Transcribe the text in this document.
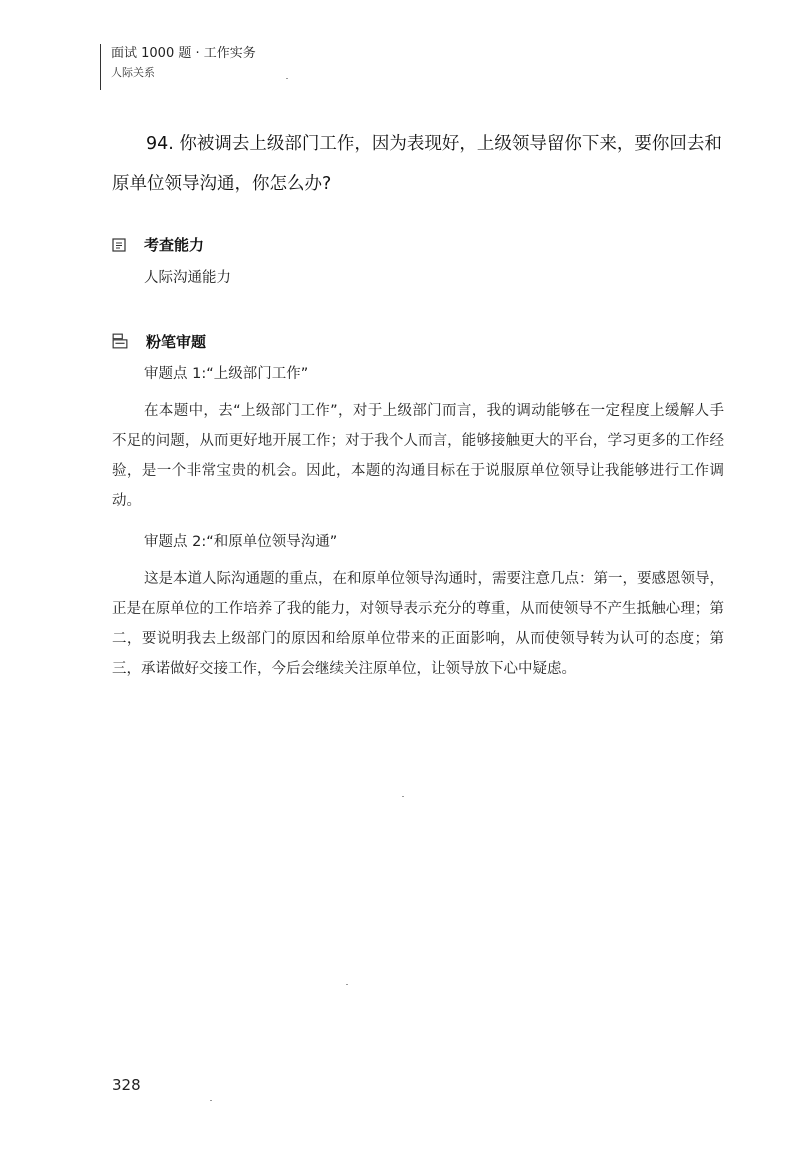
面试 1000 题 · 工作实务
人际关系
94. 你被调去上级部门工作，因为表现好，上级领导留你下来，要你回去和
原单位领导沟通，你怎么办?
考查能力
人际沟通能力
粉笔审题
审题点 1:“上级部门工作”
在本题中，去“上级部门工作”，对于上级部门而言，我的调动能够在一定程度上缓解人手不足的问题，从而更好地开展工作；对于我个人而言，能够接触更大的平台，学习更多的工作经验，是一个非常宝贵的机会。因此，本题的沟通目标在于说服原单位领导让我能够进行工作调动。
审题点 2:“和原单位领导沟通”
这是本道人际沟通题的重点，在和原单位领导沟通时，需要注意几点：第一，要感恩领导，正是在原单位的工作培养了我的能力，对领导表示充分的尊重，从而使领导不产生抵触心理；第二，要说明我去上级部门的原因和给原单位带来的正面影响，从而使领导转为认可的态度；第三，承诺做好交接工作，今后会继续关注原单位，让领导放下心中疑虑。
328
